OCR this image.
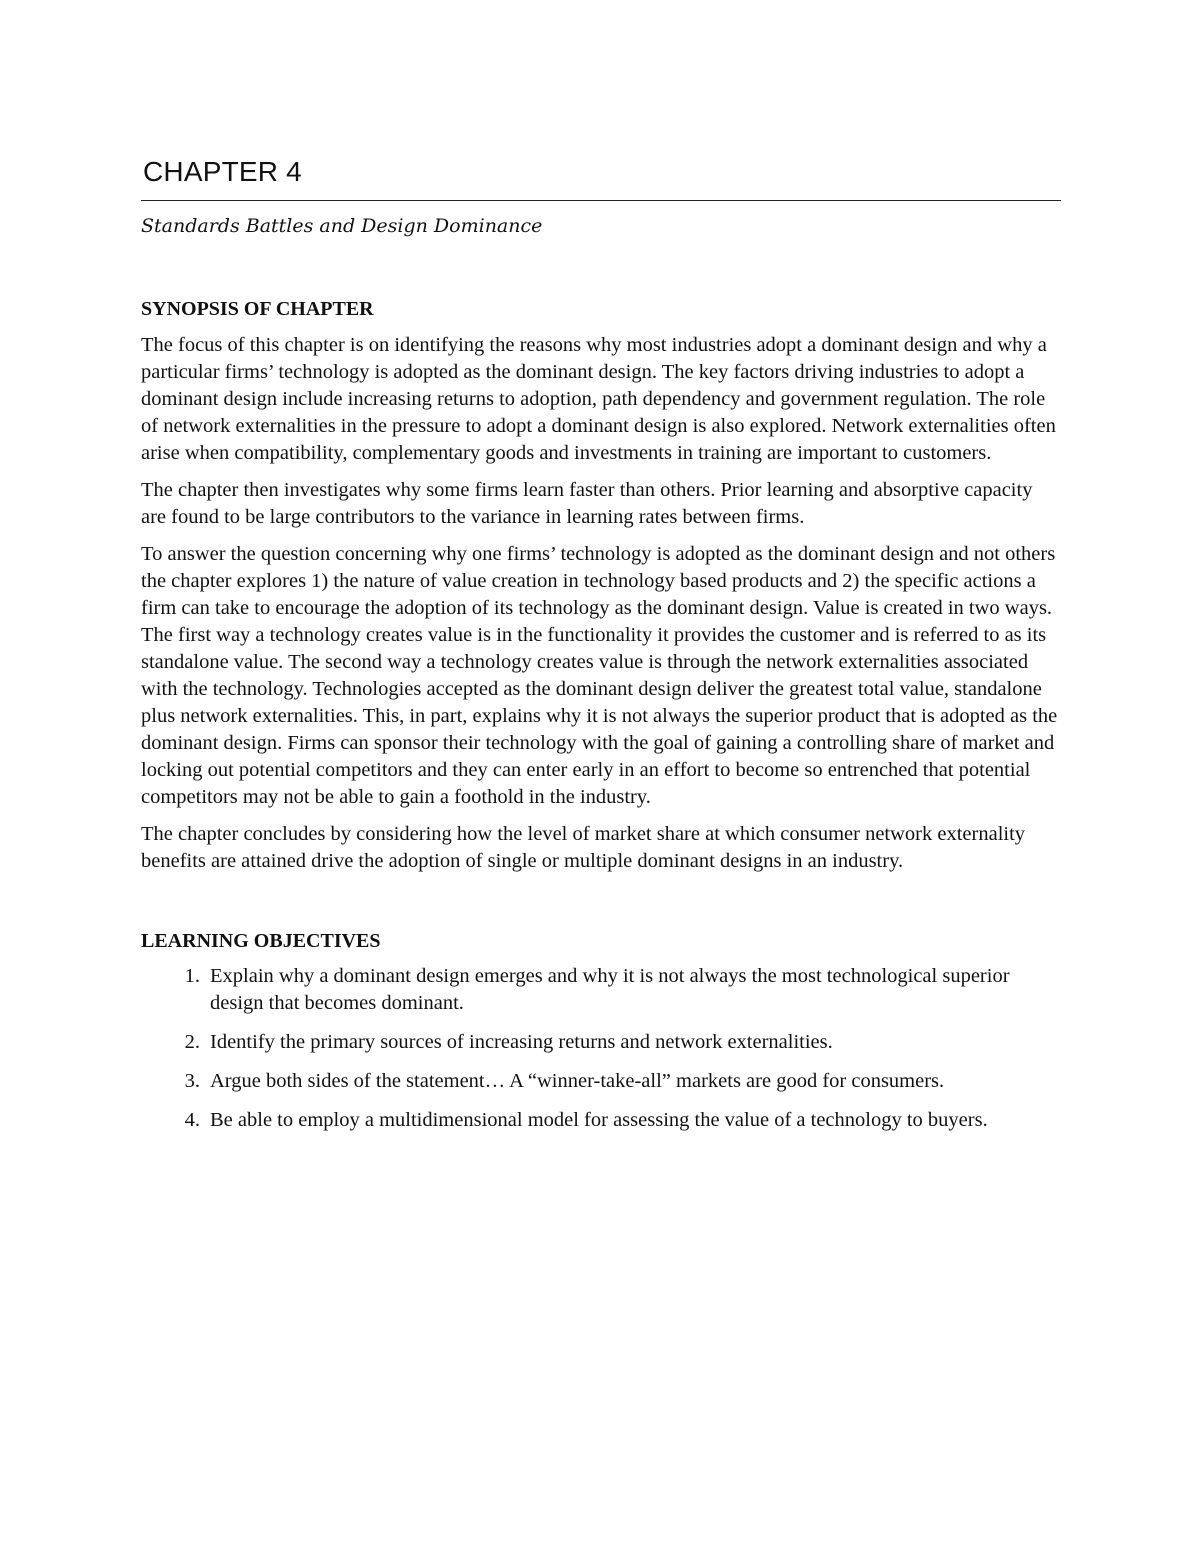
CHAPTER 4
Standards Battles and Design Dominance
SYNOPSIS OF CHAPTER

The focus of this chapter is on identifying the reasons why most industries adopt a dominant design and why a particular firms’ technology is adopted as the dominant design. The key factors driving industries to adopt a dominant design include increasing returns to adoption, path dependency and government regulation. The role of network externalities in the pressure to adopt a dominant design is also explored. Network externalities often arise when compatibility, complementary goods and investments in training are important to customers.

The chapter then investigates why some firms learn faster than others. Prior learning and absorptive capacity are found to be large contributors to the variance in learning rates between firms.

To answer the question concerning why one firms’ technology is adopted as the dominant design and not others the chapter explores 1) the nature of value creation in technology based products and 2) the specific actions a firm can take to encourage the adoption of its technology as the dominant design. Value is created in two ways. The first way a technology creates value is in the functionality it provides the customer and is referred to as its standalone value. The second way a technology creates value is through the network externalities associated with the technology. Technologies accepted as the dominant design deliver the greatest total value, standalone plus network externalities. This, in part, explains why it is not always the superior product that is adopted as the dominant design. Firms can sponsor their technology with the goal of gaining a controlling share of market and locking out potential competitors and they can enter early in an effort to become so entrenched that potential competitors may not be able to gain a foothold in the industry.

The chapter concludes by considering how the level of market share at which consumer network externality benefits are attained drive the adoption of single or multiple dominant designs in an industry.

LEARNING OBJECTIVES
1. Explain why a dominant design emerges and why it is not always the most technological superior design that becomes dominant.
2. Identify the primary sources of increasing returns and network externalities.
3. Argue both sides of the statement… A “winner-take-all” markets are good for consumers.
4. Be able to employ a multidimensional model for assessing the value of a technology to buyers.
